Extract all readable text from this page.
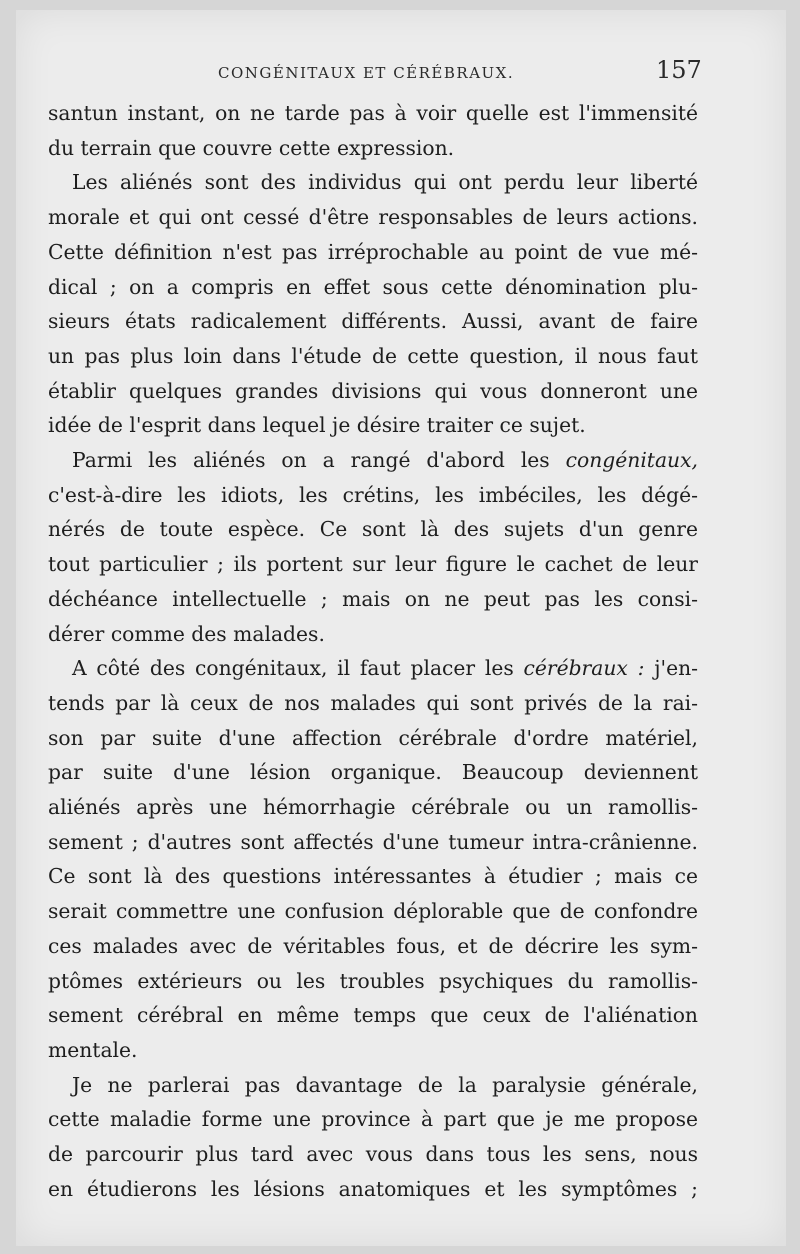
CONGÉNITAUX ET CÉRÉBRAUX.	157
santun instant, on ne tarde pas à voir quelle est l'immensité
du terrain que couvre cette expression.
Les aliénés sont des individus qui ont perdu leur liberté
morale et qui ont cessé d'être responsables de leurs actions.
Cette définition n'est pas irréprochable au point de vue mé-
dical ; on a compris en effet sous cette dénomination plu-
sieurs états radicalement différents. Aussi, avant de faire
un pas plus loin dans l'étude de cette question, il nous faut
établir quelques grandes divisions qui vous donneront une
idée de l'esprit dans lequel je désire traiter ce sujet.
Parmi les aliénés on a rangé d'abord les congénitaux,
c'est-à-dire les idiots, les crétins, les imbéciles, les dégé-
nérés de toute espèce. Ce sont là des sujets d'un genre
tout particulier ; ils portent sur leur figure le cachet de leur
déchéance intellectuelle ; mais on ne peut pas les consi-
dérer comme des malades.
A côté des congénitaux, il faut placer les cérébraux : j'en-
tends par là ceux de nos malades qui sont privés de la rai-
son par suite d'une affection cérébrale d'ordre matériel,
par suite d'une lésion organique. Beaucoup deviennent
aliénés après une hémorrhagie cérébrale ou un ramollis-
sement ; d'autres sont affectés d'une tumeur intra-crânienne.
Ce sont là des questions intéressantes à étudier ; mais ce
serait commettre une confusion déplorable que de confondre
ces malades avec de véritables fous, et de décrire les sym-
ptômes extérieurs ou les troubles psychiques du ramollis-
sement cérébral en même temps que ceux de l'aliénation
mentale.
Je ne parlerai pas davantage de la paralysie générale,
cette maladie forme une province à part que je me propose
de parcourir plus tard avec vous dans tous les sens, nous
en étudierons les lésions anatomiques et les symptômes ;
